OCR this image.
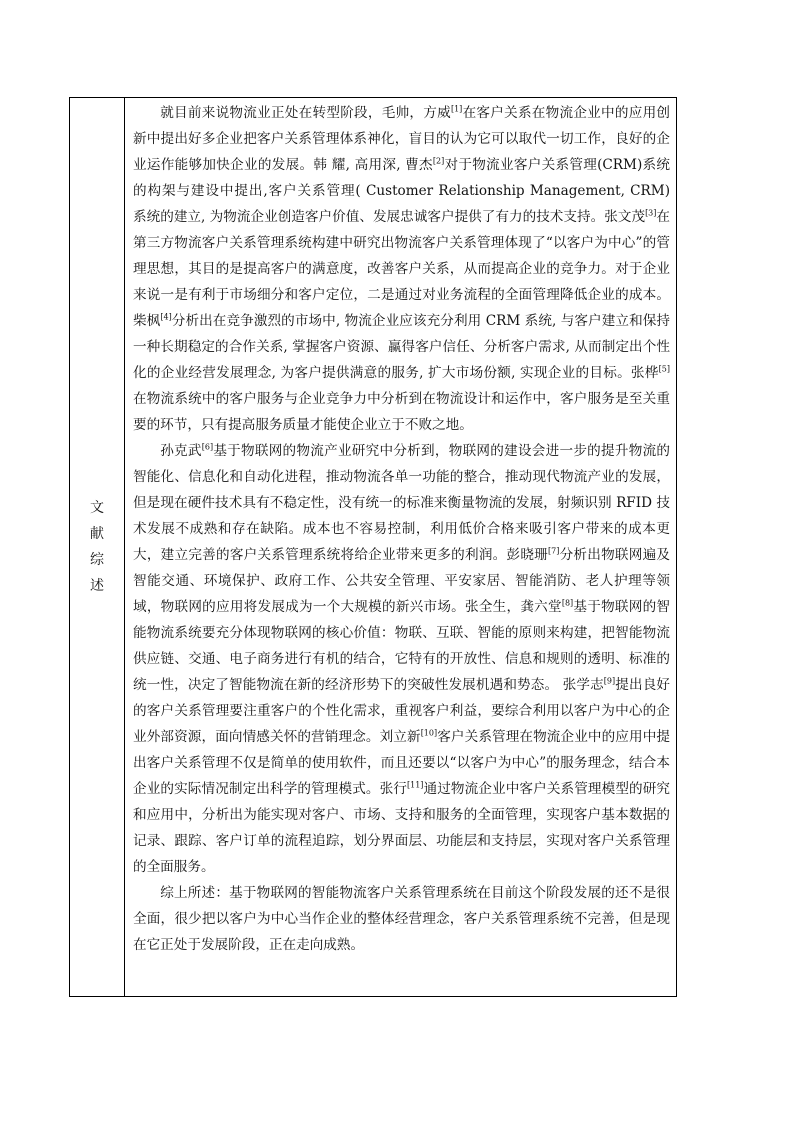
文献综述

就目前来说物流业正处在转型阶段，毛帅，方威[1]在客户关系在物流企业中的应用创新中提出好多企业把客户关系管理体系神化，盲目的认为它可以取代一切工作，良好的企业运作能够加快企业的发展。韩 耀, 高用深, 曹杰[2]对于物流业客户关系管理(CRM)系统的构架与建设中提出,客户关系管理( Customer Relationship Management, CRM) 系统的建立, 为物流企业创造客户价值、发展忠诚客户提供了有力的技术支持。张文茂[3]在第三方物流客户关系管理系统构建中研究出物流客户关系管理体现了“以客户为中心”的管理思想，其目的是提高客户的满意度，改善客户关系，从而提高企业的竞争力。对于企业来说一是有利于市场细分和客户定位，二是通过对业务流程的全面管理降低企业的成本。柴枫[4]分析出在竞争激烈的市场中, 物流企业应该充分利用 CRM 系统, 与客户建立和保持一种长期稳定的合作关系, 掌握客户资源、赢得客户信任、分析客户需求, 从而制定出个性化的企业经营发展理念, 为客户提供满意的服务, 扩大市场份额, 实现企业的目标。张桦[5]在物流系统中的客户服务与企业竞争力中分析到在物流设计和运作中，客户服务是至关重要的环节，只有提高服务质量才能使企业立于不败之地。

孙克武[6]基于物联网的物流产业研究中分析到，物联网的建设会进一步的提升物流的智能化、信息化和自动化进程，推动物流各单一功能的整合，推动现代物流产业的发展，但是现在硬件技术具有不稳定性，没有统一的标准来衡量物流的发展，射频识别 RFID 技术发展不成熟和存在缺陷。成本也不容易控制，利用低价合格来吸引客户带来的成本更大，建立完善的客户关系管理系统将给企业带来更多的利润。彭晓珊[7]分析出物联网遍及智能交通、环境保护、政府工作、公共安全管理、平安家居、智能消防、老人护理等领域，物联网的应用将发展成为一个大规模的新兴市场。张全生，龚六堂[8]基于物联网的智能物流系统要充分体现物联网的核心价值：物联、互联、智能的原则来构建，把智能物流供应链、交通、电子商务进行有机的结合，它特有的开放性、信息和规则的透明、标准的统一性，决定了智能物流在新的经济形势下的突破性发展机遇和势态。 张学志[9]提出良好的客户关系管理要注重客户的个性化需求，重视客户利益，要综合利用以客户为中心的企业外部资源，面向情感关怀的营销理念。刘立新[10]客户关系管理在物流企业中的应用中提出客户关系管理不仅是简单的使用软件，而且还要以“以客户为中心”的服务理念，结合本企业的实际情况制定出科学的管理模式。张行[11]通过物流企业中客户关系管理模型的研究和应用中，分析出为能实现对客户、市场、支持和服务的全面管理，实现客户基本数据的记录、跟踪、客户订单的流程追踪，划分界面层、功能层和支持层，实现对客户关系管理的全面服务。

综上所述：基于物联网的智能物流客户关系管理系统在目前这个阶段发展的还不是很全面，很少把以客户为中心当作企业的整体经营理念，客户关系管理系统不完善，但是现在它正处于发展阶段，正在走向成熟。
